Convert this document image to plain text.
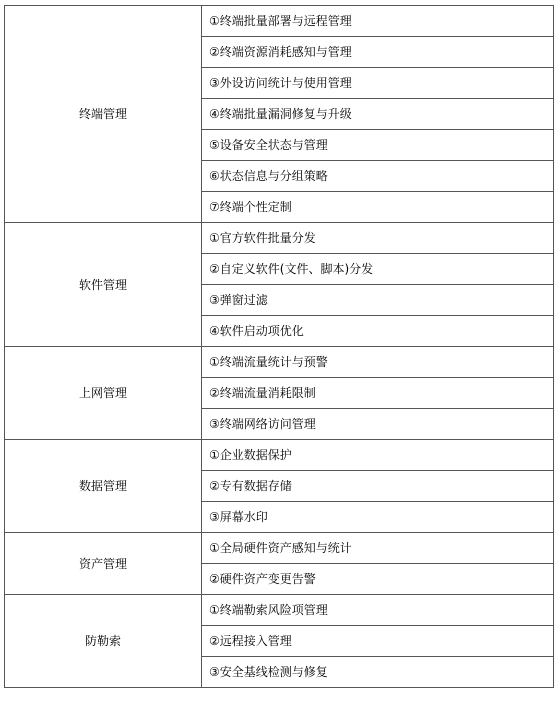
终端管理	①终端批量部署与远程管理
	②终端资源消耗感知与管理
	③外设访问统计与使用管理
	④终端批量漏洞修复与升级
	⑤设备安全状态与管理
	⑥状态信息与分组策略
	⑦终端个性定制
软件管理	①官方软件批量分发
	②自定义软件(文件、脚本)分发
	③弹窗过滤
	④软件启动项优化
上网管理	①终端流量统计与预警
	②终端流量消耗限制
	③终端网络访问管理
数据管理	①企业数据保护
	②专有数据存储
	③屏幕水印
资产管理	①全局硬件资产感知与统计
	②硬件资产变更告警
防勒索	①终端勒索风险项管理
	②远程接入管理
	③安全基线检测与修复
